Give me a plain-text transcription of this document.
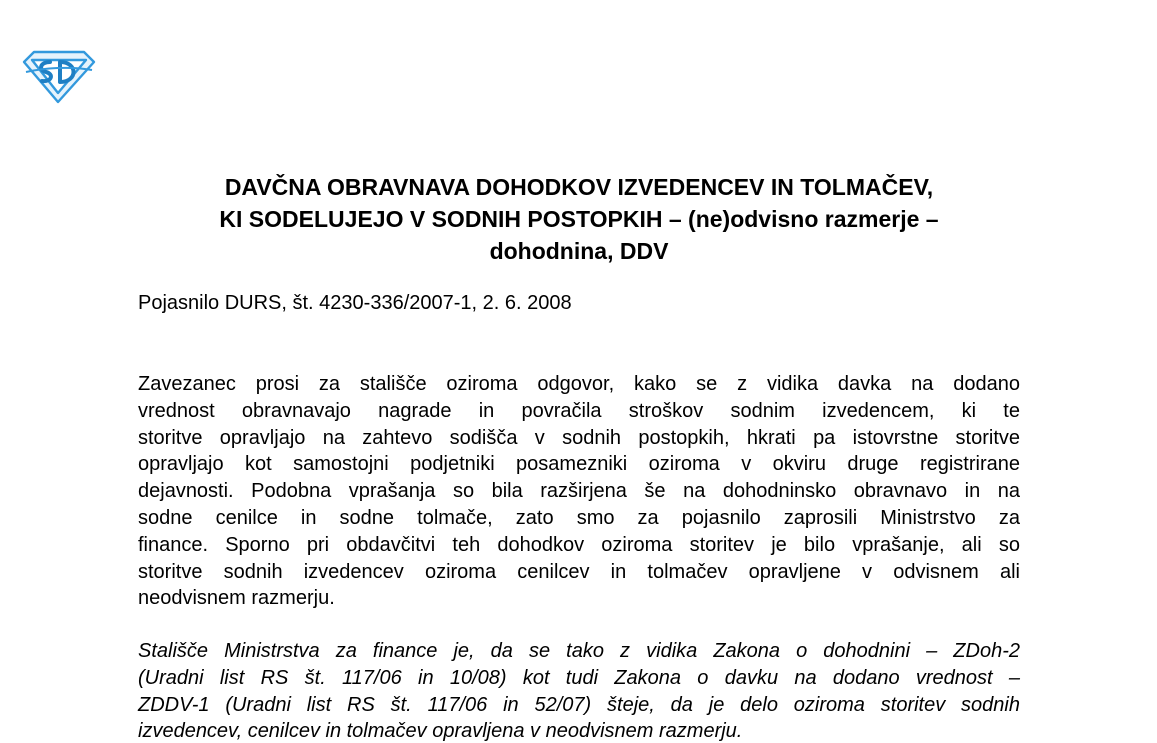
DAVČNA OBRAVNAVA DOHODKOV IZVEDENCEV IN TOLMAČEV,
KI SODELUJEJO V SODNIH POSTOPKIH – (ne)odvisno razmerje –
dohodnina, DDV

Pojasnilo DURS, št. 4230-336/2007-1, 2. 6. 2008

Zavezanec prosi za stališče oziroma odgovor, kako se z vidika davka na dodano
vrednost obravnavajo nagrade in povračila stroškov sodnim izvedencem, ki te
storitve opravljajo na zahtevo sodišča v sodnih postopkih, hkrati pa istovrstne storitve
opravljajo kot samostojni podjetniki posamezniki oziroma v okviru druge registrirane
dejavnosti. Podobna vprašanja so bila razširjena še na dohodninsko obravnavo in na
sodne cenilce in sodne tolmače, zato smo za pojasnilo zaprosili Ministrstvo za
finance. Sporno pri obdavčitvi teh dohodkov oziroma storitev je bilo vprašanje, ali so
storitve sodnih izvedencev oziroma cenilcev in tolmačev opravljene v odvisnem ali
neodvisnem razmerju.
Stališče Ministrstva za finance je, da se tako z vidika Zakona o dohodnini – ZDoh-2
(Uradni list RS št. 117/06 in 10/08) kot tudi Zakona o davku na dodano vrednost –
ZDDV-1 (Uradni list RS št. 117/06 in 52/07) šteje, da je delo oziroma storitev sodnih
izvedencev, cenilcev in tolmačev opravljena v neodvisnem razmerju.
